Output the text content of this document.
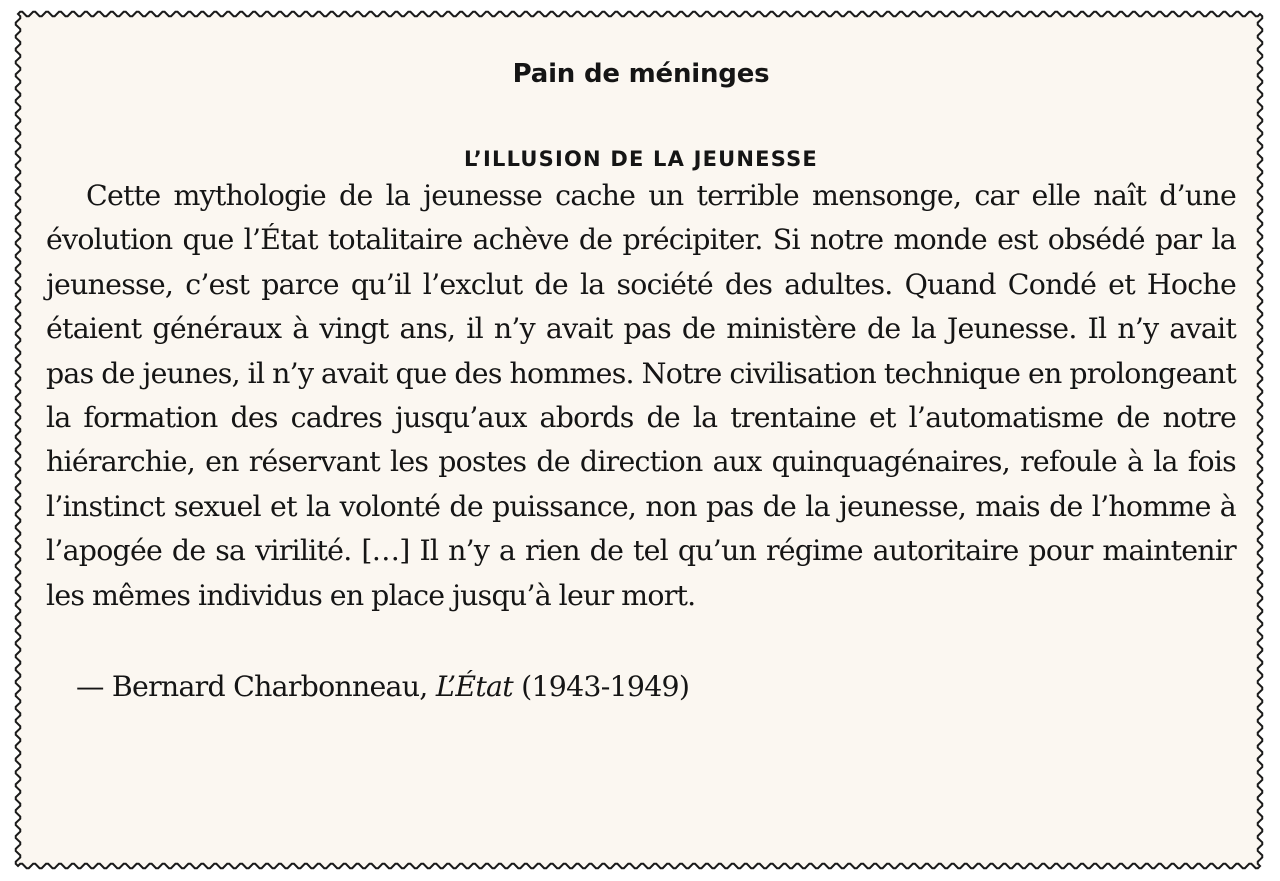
Pain de méninges
L’ILLUSION DE LA JEUNESSE

Cette mythologie de la jeunesse cache un terrible mensonge, car elle naît d’une évolution que l’État totalitaire achève de précipiter. Si notre monde est obsédé par la jeunesse, c’est parce qu’il l’exclut de la société des adultes. Quand Condé et Hoche étaient généraux à vingt ans, il n’y avait pas de ministère de la Jeunesse. Il n’y avait pas de jeunes, il n’y avait que des hommes. Notre civilisation technique en prolongeant la formation des cadres jusqu’aux abords de la trentaine et l’automatisme de notre hiérarchie, en réservant les postes de direction aux quinquagénaires, refoule à la fois l’instinct sexuel et la volonté de puissance, non pas de la jeunesse, mais de l’homme à l’apogée de sa virilité. […] Il n’y a rien de tel qu’un régime autoritaire pour maintenir les mêmes individus en place jusqu’à leur mort.

— Bernard Charbonneau, L’État (1943-1949)
